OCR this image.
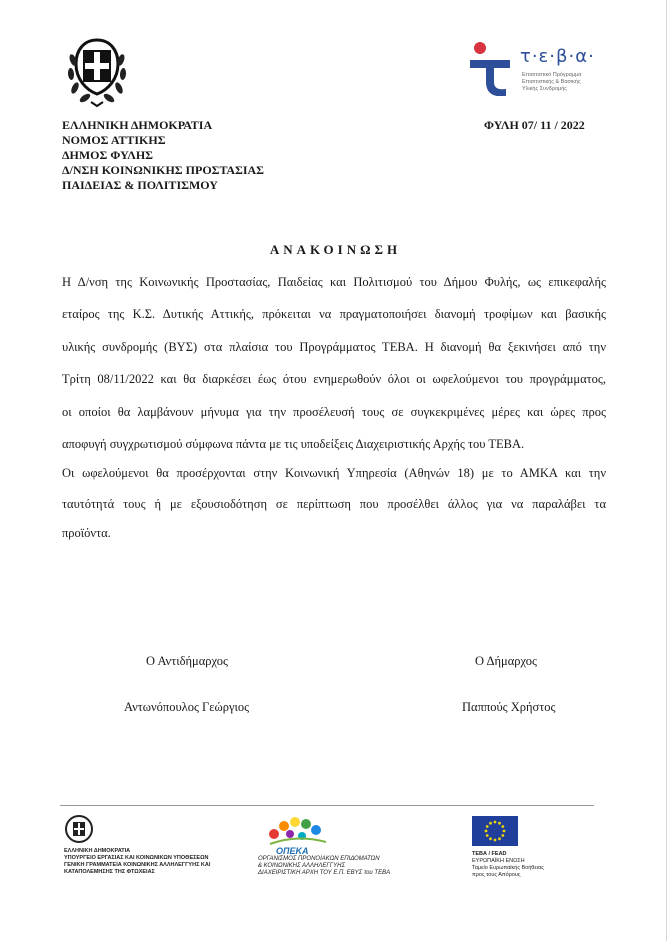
τ·ε·β·α·
Επισιτιστικό Πρόγραμμα
Επισιτιστικής & Βασικής
Υλικής Συνδρομής
ΕΛΛΗΝΙΚΗ ΔΗΜΟΚΡΑΤΙΑ
ΝΟΜΟΣ ΑΤΤΙΚΗΣ
ΔΗΜΟΣ ΦΥΛΗΣ
Δ/ΝΣΗ ΚΟΙΝΩΝΙΚΗΣ ΠΡΟΣΤΑΣΙΑΣ
ΠΑΙΔΕΙΑΣ & ΠΟΛΙΤΙΣΜΟΥ
ΦΥΛΗ 07/ 11 / 2022
ΑΝΑΚΟΙΝΩΣΗ
Η Δ/νση της Κοινωνικής Προστασίας, Παιδείας και Πολιτισμού του Δήμου Φυλής, ως επικεφαλής
εταίρος της Κ.Σ. Δυτικής Αττικής, πρόκειται να πραγματοποιήσει διανομή τροφίμων και βασικής
υλικής συνδρομής (ΒΥΣ) στα πλαίσια του Προγράμματος ΤΕΒΑ. Η διανομή θα ξεκινήσει από την
Τρίτη 08/11/2022 και θα διαρκέσει έως ότου ενημερωθούν όλοι οι ωφελούμενοι του προγράμματος,
οι οποίοι θα λαμβάνουν μήνυμα για την προσέλευσή τους σε συγκεκριμένες μέρες και ώρες προς
αποφυγή συγχρωτισμού σύμφωνα πάντα με τις υποδείξεις Διαχειριστικής Αρχής του ΤΕΒΑ.
Οι ωφελούμενοι θα προσέρχονται στην Κοινωνική Υπηρεσία (Αθηνών 18) με το ΑΜΚΑ και την
ταυτότητά τους ή με εξουσιοδότηση σε περίπτωση που προσέλθει άλλος για να παραλάβει τα
προϊόντα.
Ο Αντιδήμαρχος
Αντωνόπουλος Γεώργιος
Ο Δήμαρχος
Παππούς Χρήστος
ΕΛΛΗΝΙΚΗ ΔΗΜΟΚΡΑΤΙΑ
ΥΠΟΥΡΓΕΙΟ ΕΡΓΑΣΙΑΣ ΚΑΙ ΚΟΙΝΩΝΙΚΩΝ ΥΠΟΘΕΣΕΩΝ
ΓΕΝΙΚΗ ΓΡΑΜΜΑΤΕΙΑ ΚΟΙΝΩΝΙΚΗΣ ΑΛΛΗΛΕΓΓΥΗΣ ΚΑΙ
ΚΑΤΑΠΟΛΕΜΗΣΗΣ ΤΗΣ ΦΤΩΧΕΙΑΣ
ΟΠΕΚΑ
ΟΡΓΑΝΙΣΜΟΣ ΠΡΟΝΟΙΑΚΩΝ ΕΠΙΔΟΜΑΤΩΝ
& ΚΟΙΝΩΝΙΚΗΣ ΑΛΛΗΛΕΓΓΥΗΣ
ΔΙΑΧΕΙΡΙΣΤΙΚΗ ΑΡΧΗ ΤΟΥ Ε.Π. ΕΒΥΣ του ΤΕΒΑ
ΤΕΒΑ / FEAD
ΕΥΡΩΠΑΪΚΗ ΕΝΩΣΗ
Ταμείο Ευρωπαϊκής Βοήθειας
προς τους Απόρους
